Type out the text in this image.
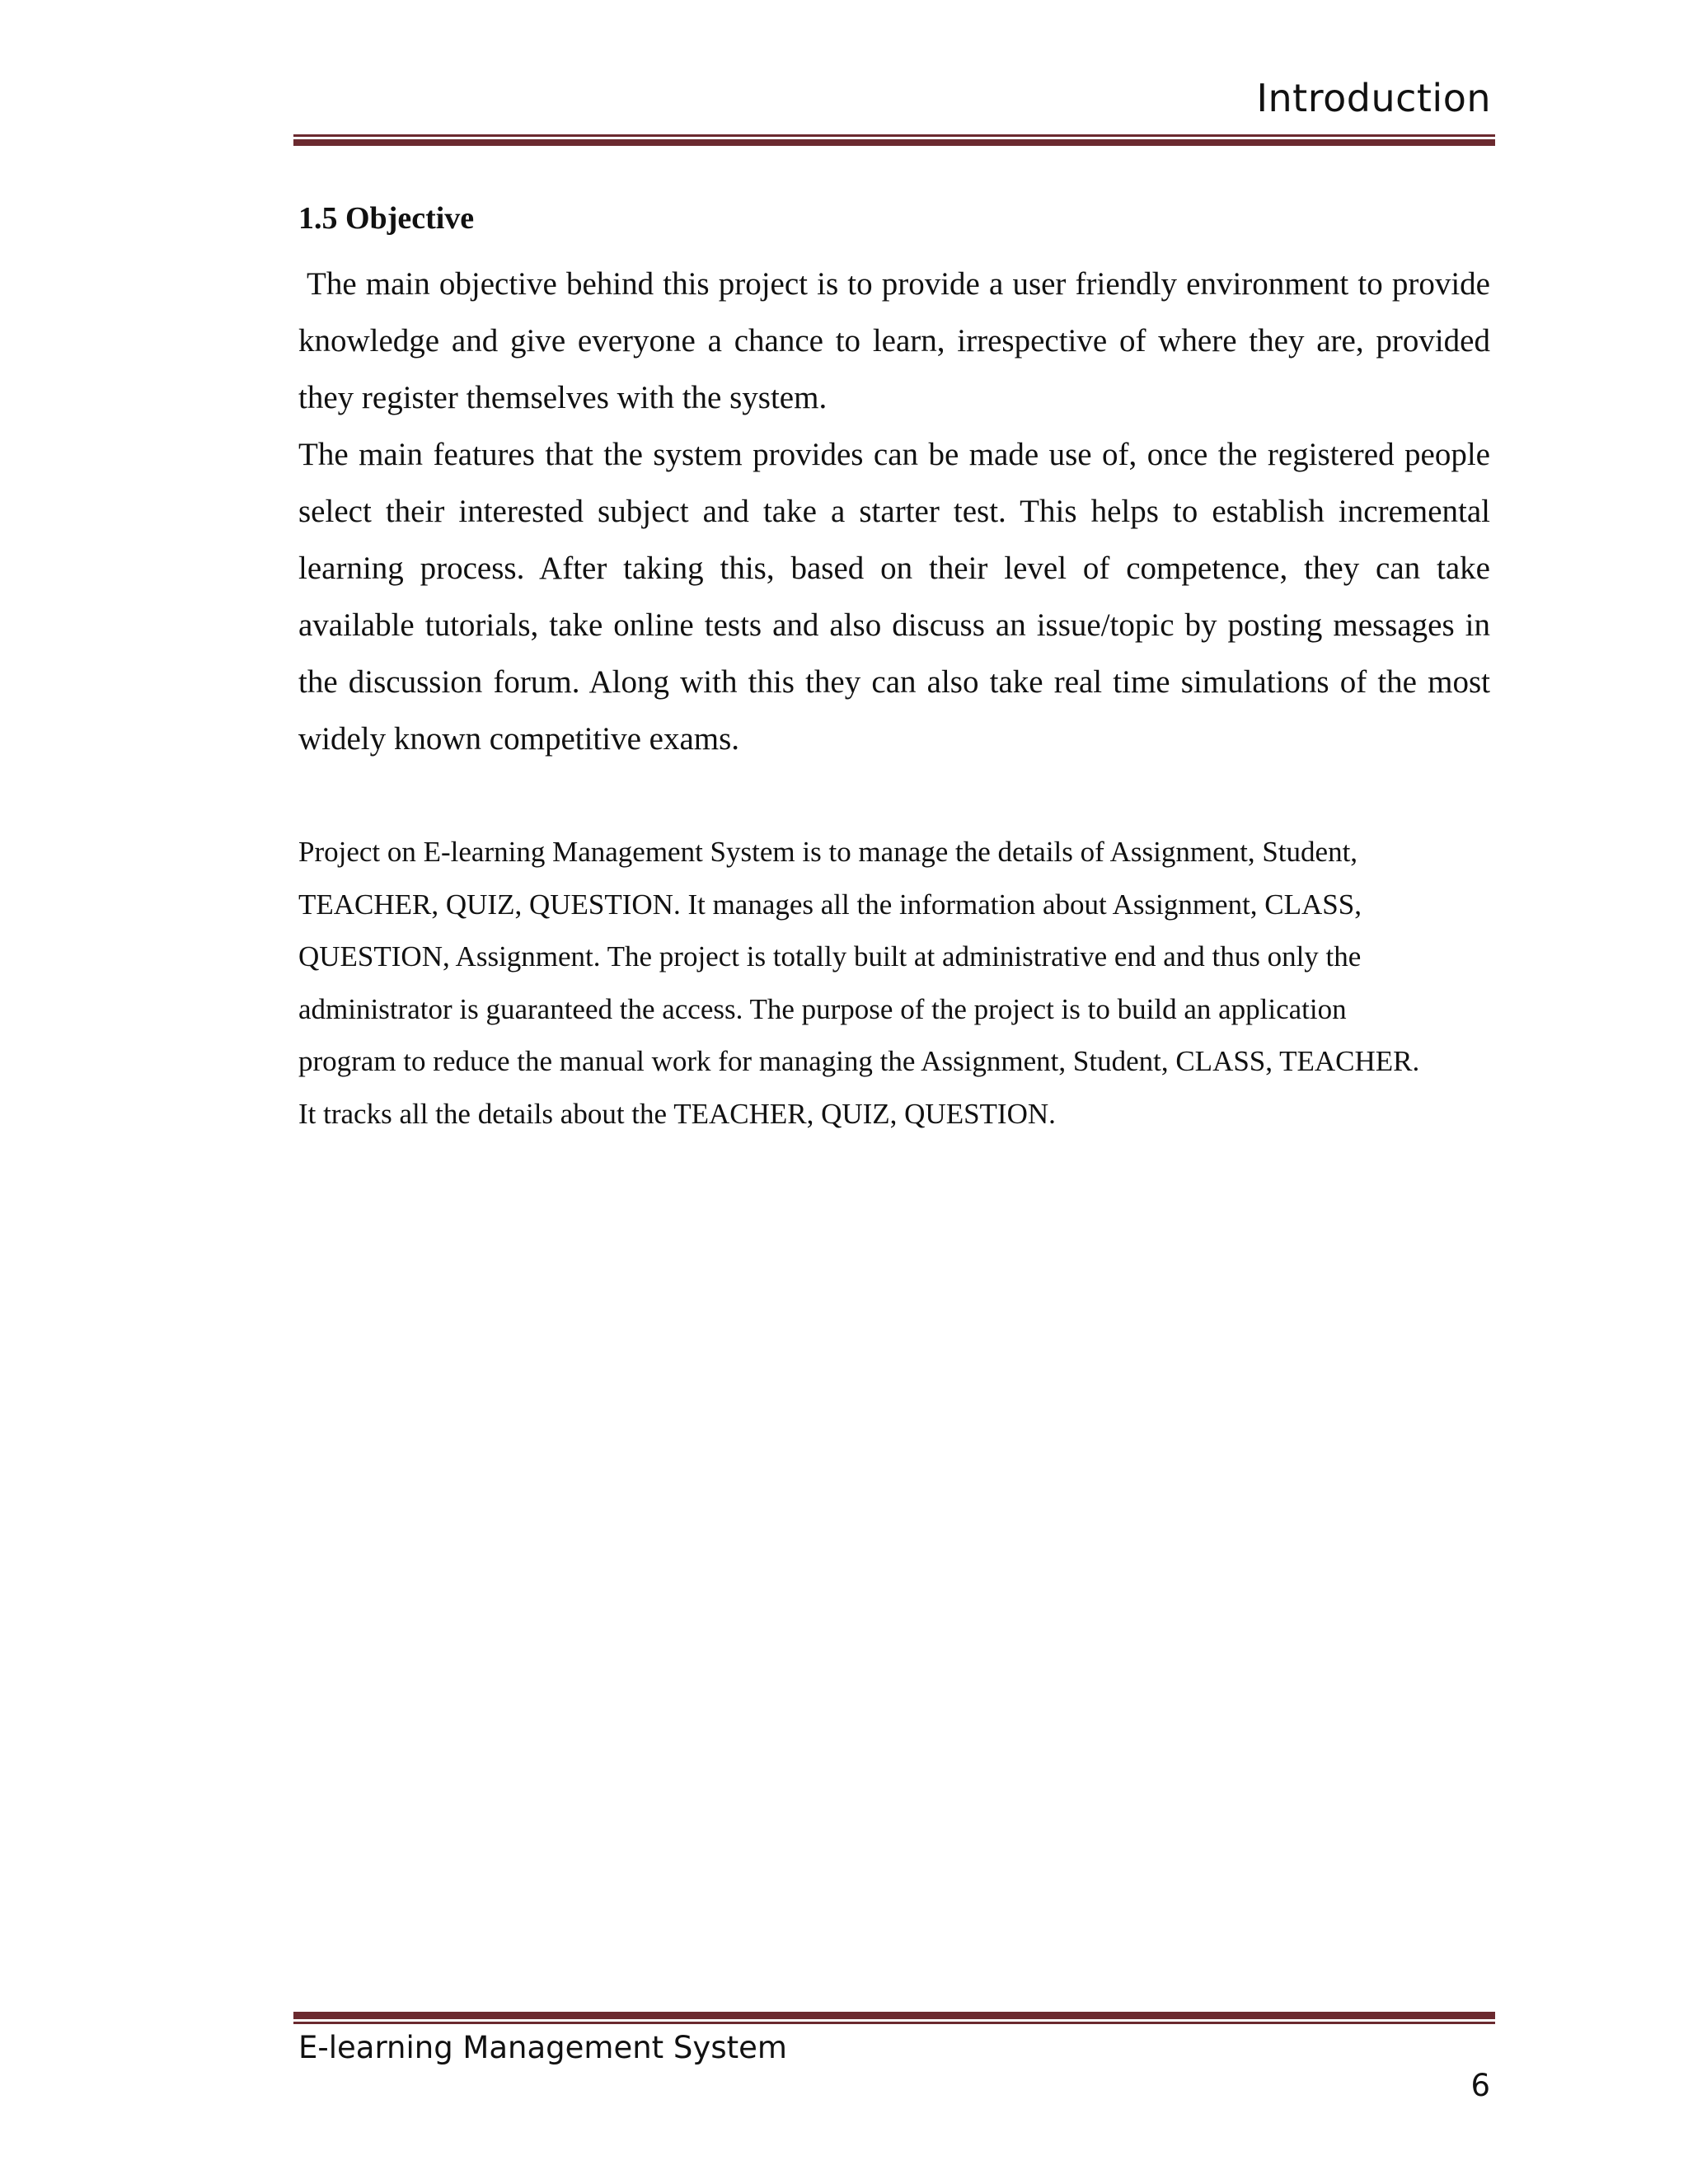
Introduction
1.5 Objective

The main objective behind this project is to provide a user friendly environment to provide knowledge and give everyone a chance to learn, irrespective of where they are, provided they register themselves with the system.

The main features that the system provides can be made use of, once the registered people select their interested subject and take a starter test. This helps to establish incremental learning process. After taking this, based on their level of competence, they can take available tutorials, take online tests and also discuss an issue/topic by posting messages in the discussion forum. Along with this they can also take real time simulations of the most widely known competitive exams.

Project on E-learning Management System is to manage the details of Assignment, Student,
TEACHER, QUIZ, QUESTION. It manages all the information about Assignment, CLASS,
QUESTION, Assignment. The project is totally built at administrative end and thus only the
administrator is guaranteed the access. The purpose of the project is to build an application
program to reduce the manual work for managing the Assignment, Student, CLASS, TEACHER.
It tracks all the details about the TEACHER, QUIZ, QUESTION.
E-learning Management System
6
